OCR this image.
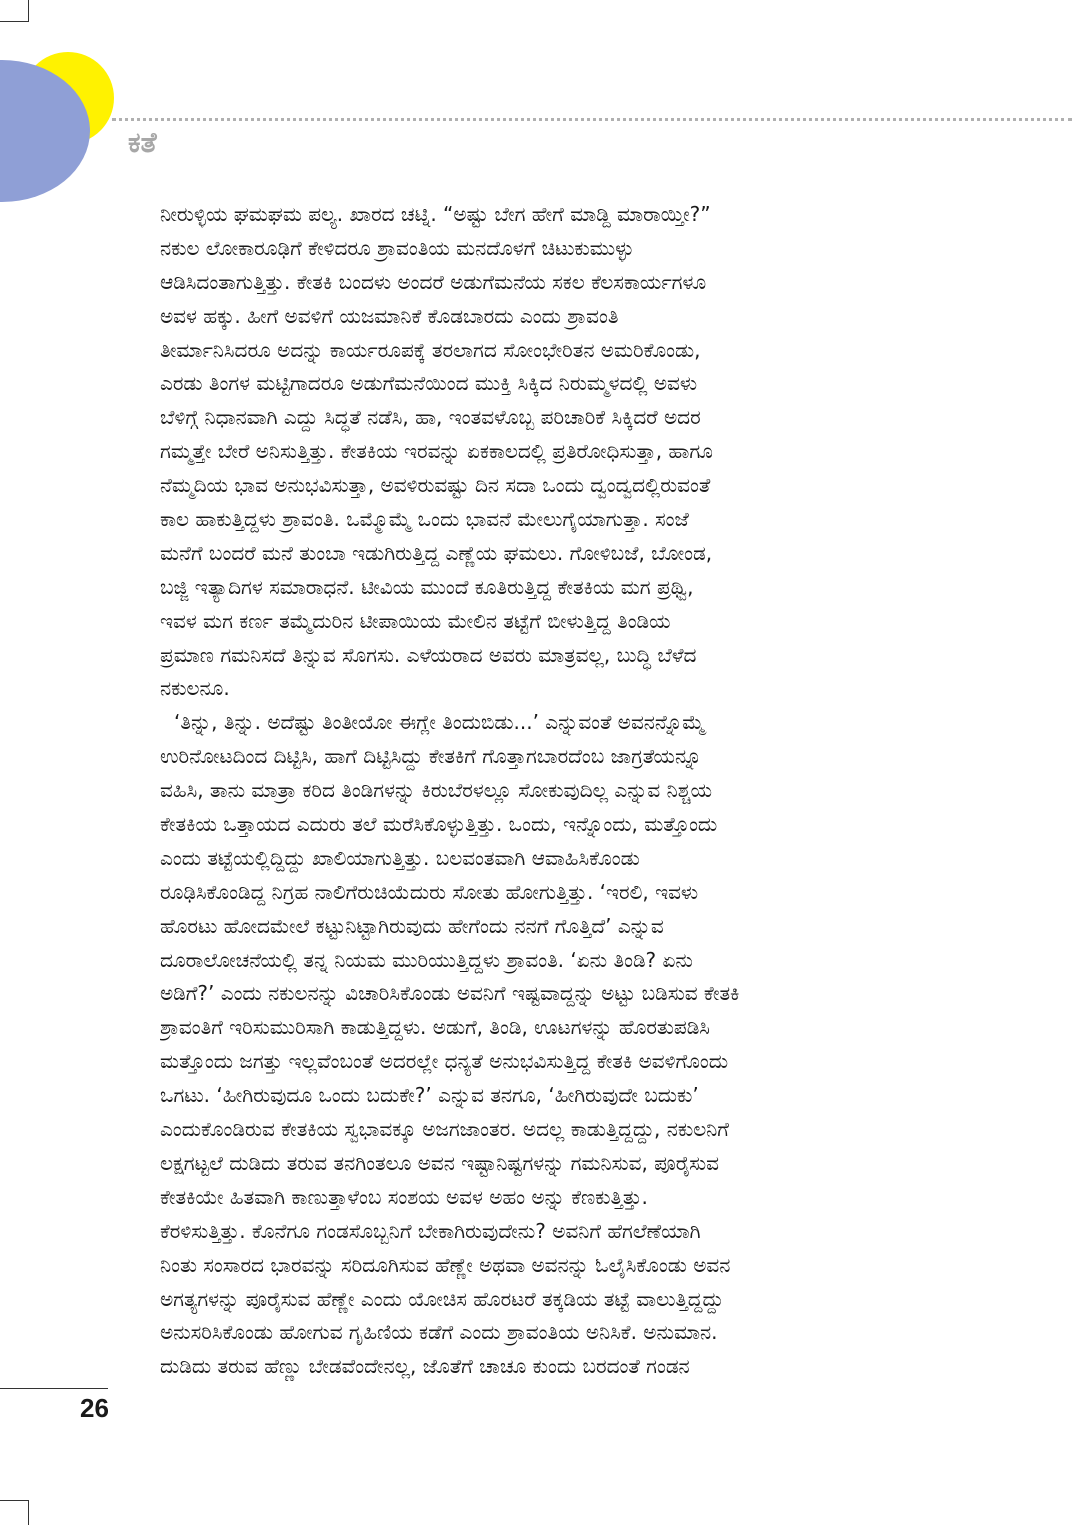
ಕತೆ
ನೀರುಳ್ಳಿಯ ಘಮಘಮ ಪಲ್ಯ. ಖಾರದ ಚಟ್ನಿ. “ಅಷ್ಟು ಬೇಗ ಹೇಗೆ ಮಾಡ್ದಿ ಮಾರಾಯ್ತೀ?”
ನಕುಲ ಲೋಕಾರೂಢಿಗೆ ಕೇಳಿದರೂ ಶ್ರಾವಂತಿಯ ಮನದೊಳಗೆ ಚಿಟುಕುಮುಳ್ಳು
ಆಡಿಸಿದಂತಾಗುತ್ತಿತ್ತು. ಕೇತಕಿ ಬಂದಳು ಅಂದರೆ ಅಡುಗೆಮನೆಯ ಸಕಲ ಕೆಲಸಕಾರ್ಯಗಳೂ
ಅವಳ ಹಕ್ಕು. ಹೀಗೆ ಅವಳಿಗೆ ಯಜಮಾನಿಕೆ ಕೊಡಬಾರದು ಎಂದು ಶ್ರಾವಂತಿ
ತೀರ್ಮಾನಿಸಿದರೂ ಅದನ್ನು ಕಾರ್ಯರೂಪಕ್ಕೆ ತರಲಾಗದ ಸೋಂಭೇರಿತನ ಅಮರಿಕೊಂಡು,
ಎರಡು ತಿಂಗಳ ಮಟ್ಟಿಗಾದರೂ ಅಡುಗೆಮನೆಯಿಂದ ಮುಕ್ತಿ ಸಿಕ್ಕಿದ ನಿರುಮ್ಮಳದಲ್ಲಿ ಅವಳು
ಬೆಳಿಗ್ಗೆ ನಿಧಾನವಾಗಿ ಎದ್ದು ಸಿದ್ಧತೆ ನಡೆಸಿ, ಹಾ, ಇಂತವಳೊಬ್ಬ ಪರಿಚಾರಿಕೆ ಸಿಕ್ಕಿದರೆ ಅದರ
ಗಮ್ಮತ್ತೇ ಬೇರೆ ಅನಿಸುತ್ತಿತ್ತು. ಕೇತಕಿಯ ಇರವನ್ನು ಏಕಕಾಲದಲ್ಲಿ ಪ್ರತಿರೋಧಿಸುತ್ತಾ, ಹಾಗೂ
ನೆಮ್ಮದಿಯ ಭಾವ ಅನುಭವಿಸುತ್ತಾ, ಅವಳಿರುವಷ್ಟು ದಿನ ಸದಾ ಒಂದು ದ್ವಂದ್ವದಲ್ಲಿರುವಂತೆ
ಕಾಲ ಹಾಕುತ್ತಿದ್ದಳು ಶ್ರಾವಂತಿ. ಒಮ್ಮೊಮ್ಮೆ ಒಂದು ಭಾವನೆ ಮೇಲುಗೈಯಾಗುತ್ತಾ. ಸಂಜೆ
ಮನೆಗೆ ಬಂದರೆ ಮನೆ ತುಂಬಾ ಇಡುಗಿರುತ್ತಿದ್ದ ಎಣ್ಣೆಯ ಘಮಲು. ಗೋಳಿಬಜೆ, ಬೋಂಡ,
ಬಜ್ಜಿ ಇತ್ಯಾದಿಗಳ ಸಮಾರಾಧನೆ. ಟೀವಿಯ ಮುಂದೆ ಕೂತಿರುತ್ತಿದ್ದ ಕೇತಕಿಯ ಮಗ ಪ್ರಥ್ವಿ,
ಇವಳ ಮಗ ಕರ್ಣ ತಮ್ಮೆದುರಿನ ಟೀಪಾಯಿಯ ಮೇಲಿನ ತಟ್ಟೆಗೆ ಬೀಳುತ್ತಿದ್ದ ತಿಂಡಿಯ
ಪ್ರಮಾಣ ಗಮನಿಸದೆ ತಿನ್ನುವ ಸೊಗಸು. ಎಳೆಯರಾದ ಅವರು ಮಾತ್ರವಲ್ಲ, ಬುದ್ಧಿ ಬೆಳೆದ
ನಕುಲನೂ.
‘ತಿನ್ನು, ತಿನ್ನು. ಅದೆಷ್ಟು ತಿಂತೀಯೋ ಈಗ್ಲೇ ತಿಂದುಬಿಡು...’ ಎನ್ನುವಂತೆ ಅವನನ್ನೊಮ್ಮೆ
ಉರಿನೋಟದಿಂದ ದಿಟ್ಟಿಸಿ, ಹಾಗೆ ದಿಟ್ಟಿಸಿದ್ದು ಕೇತಕಿಗೆ ಗೊತ್ತಾಗಬಾರದೆಂಬ ಜಾಗ್ರತೆಯನ್ನೂ
ವಹಿಸಿ, ತಾನು ಮಾತ್ರಾ ಕರಿದ ತಿಂಡಿಗಳನ್ನು ಕಿರುಬೆರಳಲ್ಲೂ ಸೋಕುವುದಿಲ್ಲ ಎನ್ನುವ ನಿಶ್ಚಯ
ಕೇತಕಿಯ ಒತ್ತಾಯದ ಎದುರು ತಲೆ ಮರೆಸಿಕೊಳ್ಳುತ್ತಿತ್ತು. ಒಂದು, ಇನ್ನೊಂದು, ಮತ್ತೊಂದು
ಎಂದು ತಟ್ಟೆಯಲ್ಲಿದ್ದಿದ್ದು ಖಾಲಿಯಾಗುತ್ತಿತ್ತು. ಬಲವಂತವಾಗಿ ಆವಾಹಿಸಿಕೊಂಡು
ರೂಢಿಸಿಕೊಂಡಿದ್ದ ನಿಗ್ರಹ ನಾಲಿಗೆರುಚಿಯೆದುರು ಸೋತು ಹೋಗುತ್ತಿತ್ತು. ‘ಇರಲಿ, ಇವಳು
ಹೊರಟು ಹೋದಮೇಲೆ ಕಟ್ಟುನಿಟ್ಟಾಗಿರುವುದು ಹೇಗೆಂದು ನನಗೆ ಗೊತ್ತಿದೆ’ ಎನ್ನುವ
ದೂರಾಲೋಚನೆಯಲ್ಲಿ ತನ್ನ ನಿಯಮ ಮುರಿಯುತ್ತಿದ್ದಳು ಶ್ರಾವಂತಿ. ‘ಏನು ತಿಂಡಿ? ಏನು
ಅಡಿಗೆ?’ ಎಂದು ನಕುಲನನ್ನು ವಿಚಾರಿಸಿಕೊಂಡು ಅವನಿಗೆ ಇಷ್ಟವಾದ್ದನ್ನು ಅಟ್ಟು ಬಡಿಸುವ ಕೇತಕಿ
ಶ್ರಾವಂತಿಗೆ ಇರಿಸುಮುರಿಸಾಗಿ ಕಾಡುತ್ತಿದ್ದಳು. ಅಡುಗೆ, ತಿಂಡಿ, ಊಟಗಳನ್ನು ಹೊರತುಪಡಿಸಿ
ಮತ್ತೊಂದು ಜಗತ್ತು ಇಲ್ಲವೆಂಬಂತೆ ಅದರಲ್ಲೇ ಧನ್ಯತೆ ಅನುಭವಿಸುತ್ತಿದ್ದ ಕೇತಕಿ ಅವಳಿಗೊಂದು
ಒಗಟು. ‘ಹೀಗಿರುವುದೂ ಒಂದು ಬದುಕೇ?’ ಎನ್ನುವ ತನಗೂ, ‘ಹೀಗಿರುವುದೇ ಬದುಕು’
ಎಂದುಕೊಂಡಿರುವ ಕೇತಕಿಯ ಸ್ವಭಾವಕ್ಕೂ ಅಜಗಜಾಂತರ. ಅದಲ್ಲ ಕಾಡುತ್ತಿದ್ದದ್ದು, ನಕುಲನಿಗೆ
ಲಕ್ಷಗಟ್ಟಲೆ ದುಡಿದು ತರುವ ತನಗಿಂತಲೂ ಅವನ ಇಷ್ಟಾನಿಷ್ಟಗಳನ್ನು ಗಮನಿಸುವ, ಪೂರೈಸುವ
ಕೇತಕಿಯೇ ಹಿತವಾಗಿ ಕಾಣುತ್ತಾಳೆಂಬ ಸಂಶಯ ಅವಳ ಅಹಂ ಅನ್ನು ಕೆಣಕುತ್ತಿತ್ತು.
ಕೆರಳಿಸುತ್ತಿತ್ತು. ಕೊನೆಗೂ ಗಂಡಸೊಬ್ಬನಿಗೆ ಬೇಕಾಗಿರುವುದೇನು? ಅವನಿಗೆ ಹೆಗಲೆಣೆಯಾಗಿ
ನಿಂತು ಸಂಸಾರದ ಭಾರವನ್ನು ಸರಿದೂಗಿಸುವ ಹೆಣ್ಣೇ ಅಥವಾ ಅವನನ್ನು ಓಲೈಸಿಕೊಂಡು ಅವನ
ಅಗತ್ಯಗಳನ್ನು ಪೂರೈಸುವ ಹೆಣ್ಣೇ ಎಂದು ಯೋಚಿಸ ಹೊರಟರೆ ತಕ್ಕಡಿಯ ತಟ್ಟೆ ವಾಲುತ್ತಿದ್ದದ್ದು
ಅನುಸರಿಸಿಕೊಂಡು ಹೋಗುವ ಗೃಹಿಣಿಯ ಕಡೆಗೆ ಎಂದು ಶ್ರಾವಂತಿಯ ಅನಿಸಿಕೆ. ಅನುಮಾನ.
ದುಡಿದು ತರುವ ಹೆಣ್ಣು ಬೇಡವೆಂದೇನಲ್ಲ, ಜೊತೆಗೆ ಚಾಚೂ ಕುಂದು ಬರದಂತೆ ಗಂಡನ
26
